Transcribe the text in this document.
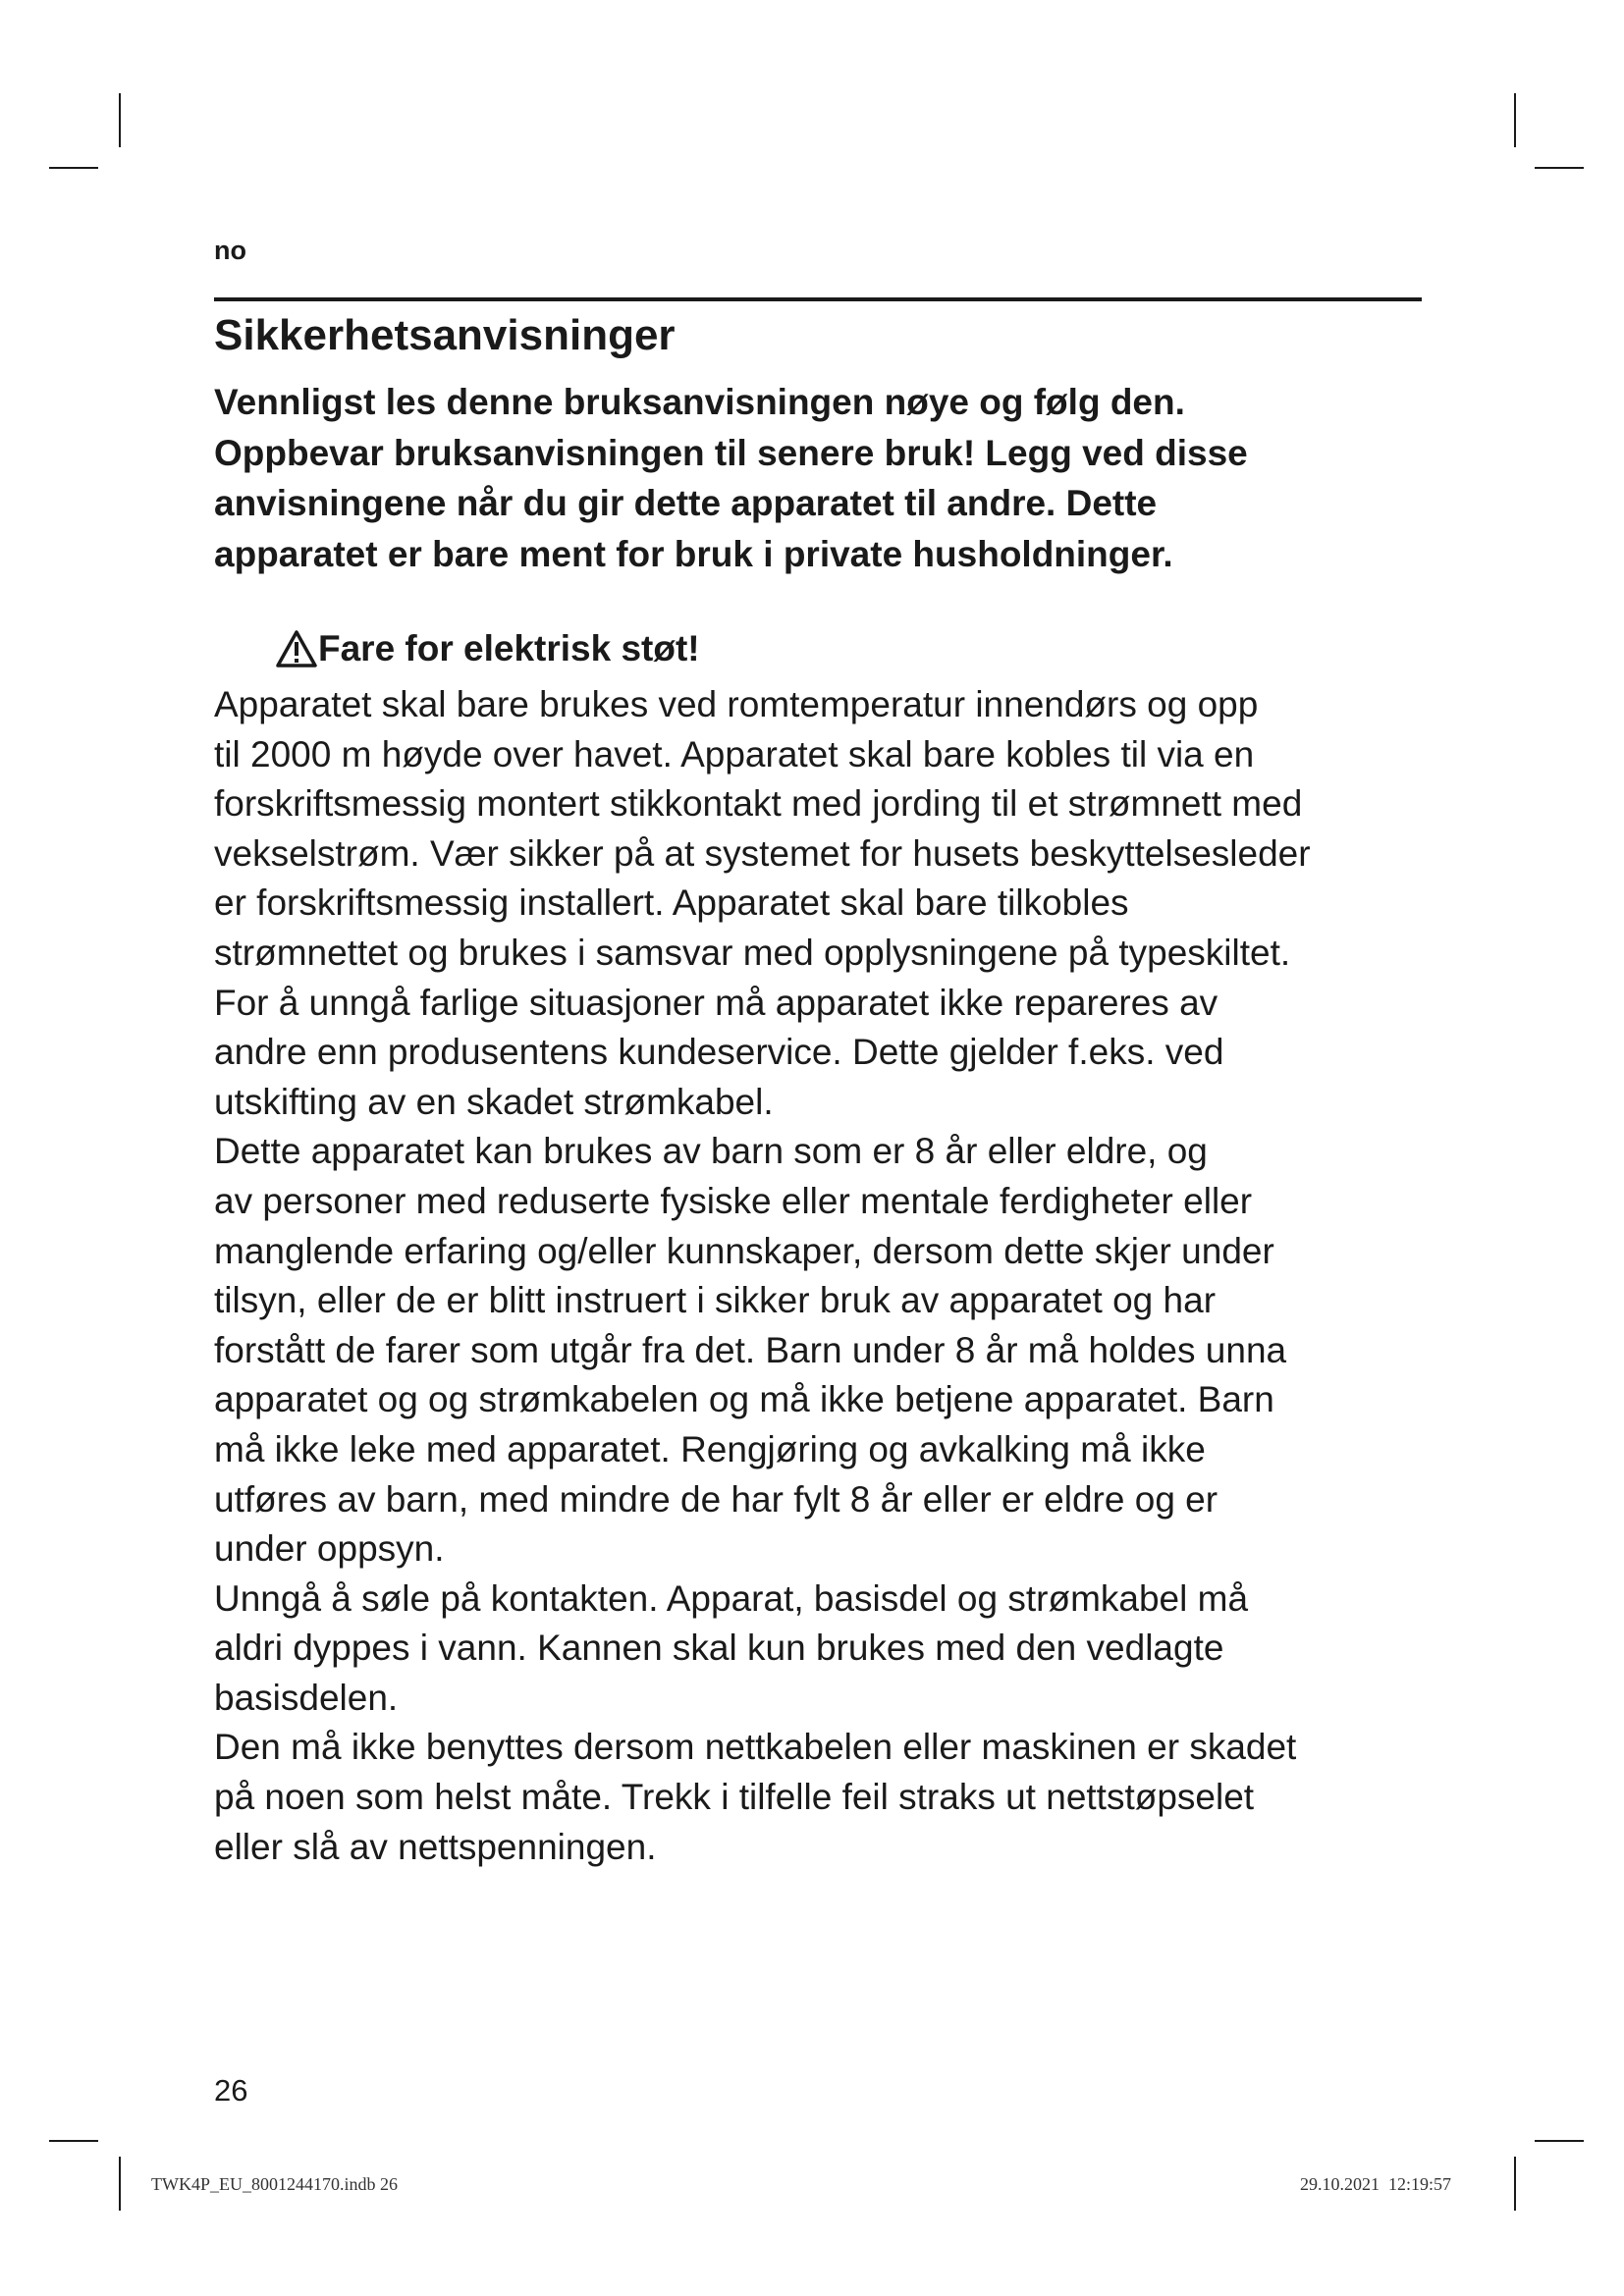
no
Sikkerhetsanvisninger
Vennligst les denne bruksanvisningen nøye og følg den.
Oppbevar bruksanvisningen til senere bruk! Legg ved disse
anvisningene når du gir dette apparatet til andre. Dette
apparatet er bare ment for bruk i private husholdninger.
Fare for elektrisk støt!

Apparatet skal bare brukes ved romtemperatur innendørs og opp
til 2000 m høyde over havet. Apparatet skal bare kobles til via en
forskriftsmessig montert stikkontakt med jording til et strømnett med
vekselstrøm. Vær sikker på at systemet for husets beskyttelsesleder
er forskriftsmessig installert. Apparatet skal bare tilkobles
strømnettet og brukes i samsvar med opplysningene på typeskiltet.
For å unngå farlige situasjoner må apparatet ikke repareres av
andre enn produsentens kundeservice. Dette gjelder f.eks. ved
utskifting av en skadet strømkabel.

Dette apparatet kan brukes av barn som er 8 år eller eldre, og
av personer med reduserte fysiske eller mentale ferdigheter eller
manglende erfaring og/eller kunnskaper, dersom dette skjer under
tilsyn, eller de er blitt instruert i sikker bruk av apparatet og har
forstått de farer som utgår fra det. Barn under 8 år må holdes unna
apparatet og og strømkabelen og må ikke betjene apparatet. Barn
må ikke leke med apparatet. Rengjøring og avkalking må ikke
utføres av barn, med mindre de har fylt 8 år eller er eldre og er
under oppsyn.

Unngå å søle på kontakten. Apparat, basisdel og strømkabel må
aldri dyppes i vann. Kannen skal kun brukes med den vedlagte
basisdelen.

Den må ikke benyttes dersom nettkabelen eller maskinen er skadet
på noen som helst måte. Trekk i tilfelle feil straks ut nettstøpselet
eller slå av nettspenningen.

26
TWK4P_EU_8001244170.indb 26	29.10.2021 12:19:57
